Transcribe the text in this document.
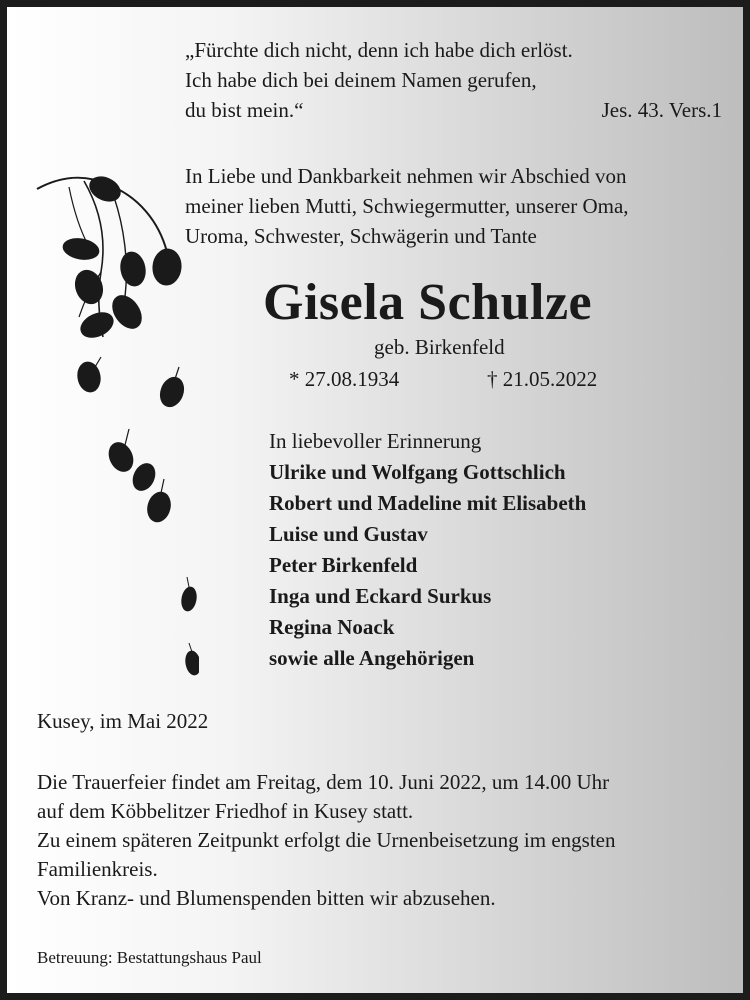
„Fürchte dich nicht, denn ich habe dich erlöst.
Ich habe dich bei deinem Namen gerufen,
du bist mein.“	Jes. 43. Vers.1
In Liebe und Dankbarkeit nehmen wir Abschied von
meiner lieben Mutti, Schwiegermutter, unserer Oma,
Uroma, Schwester, Schwägerin und Tante
Gisela Schulze
geb. Birkenfeld
* 27.08.1934	† 21.05.2022
In liebevoller Erinnerung
Ulrike und Wolfgang Gottschlich
Robert und Madeline mit Elisabeth
Luise und Gustav
Peter Birkenfeld
Inga und Eckard Surkus
Regina Noack
sowie alle Angehörigen
Kusey, im Mai 2022
Die Trauerfeier findet am Freitag, dem 10. Juni 2022, um 14.00 Uhr
auf dem Köbbelitzer Friedhof in Kusey statt.
Zu einem späteren Zeitpunkt erfolgt die Urnenbeisetzung im engsten
Familienkreis.
Von Kranz- und Blumenspenden bitten wir abzusehen.
Betreuung: Bestattungshaus Paul
